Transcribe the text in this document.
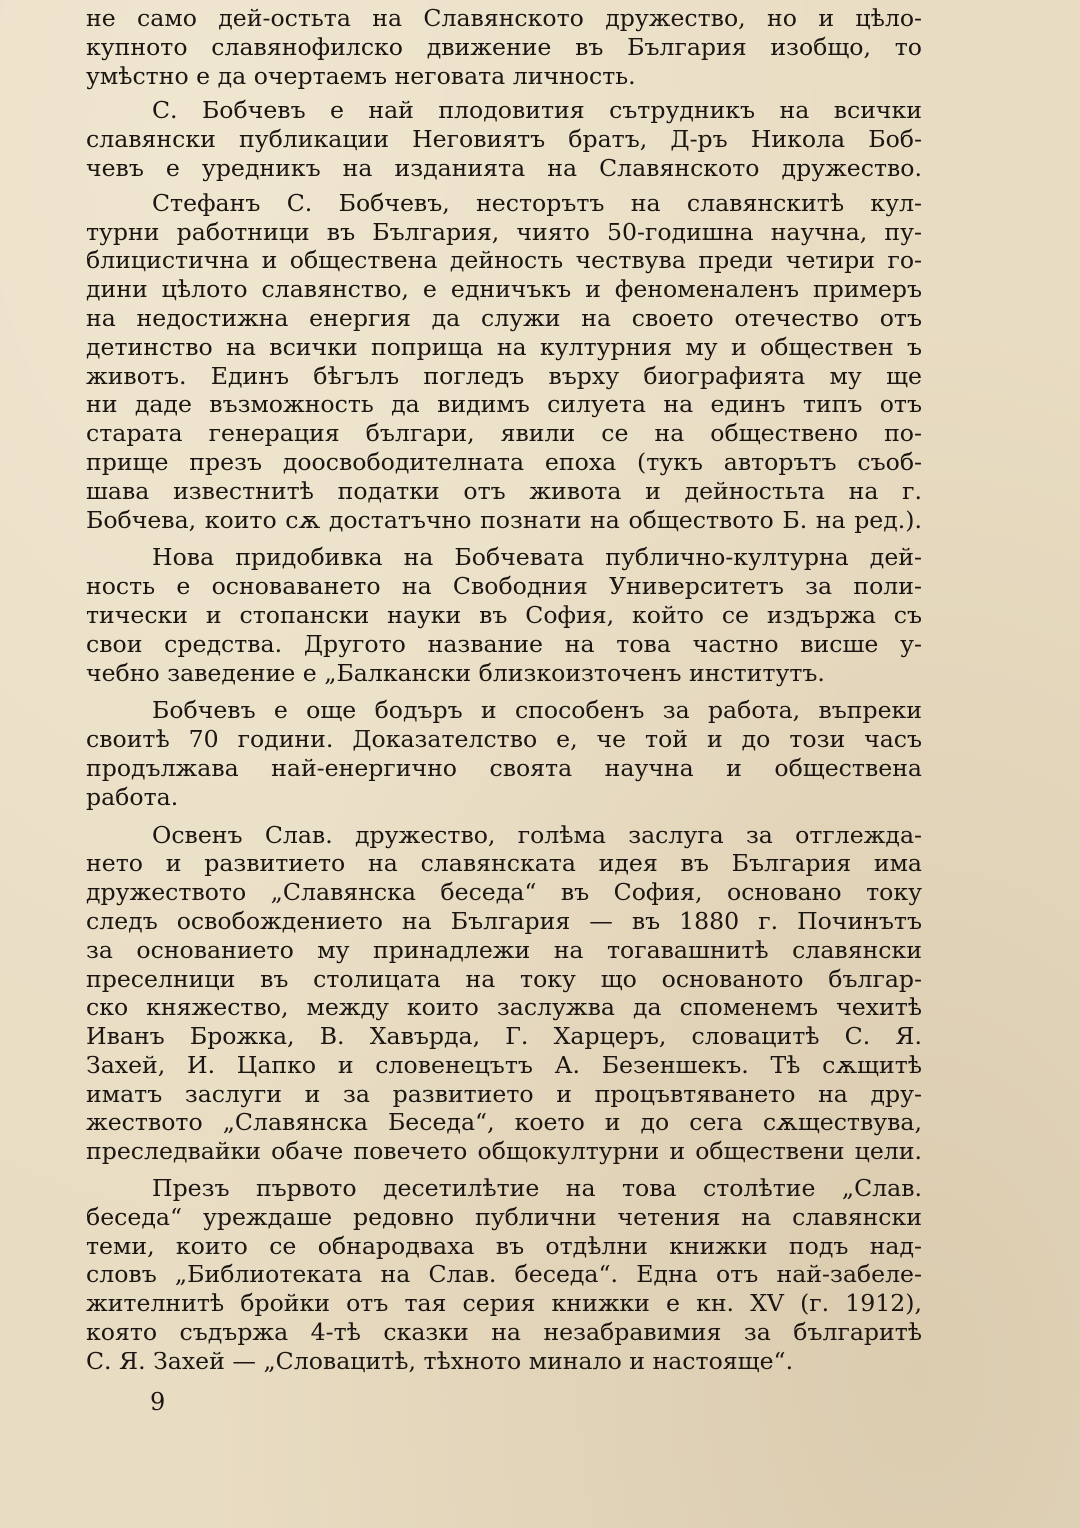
не само дей-остьта на Славянското дружество, но и цѣло-
купното славянофилско движение въ България изобщо, то
умѣстно е да очертаемъ неговата личность.

С. Бобчевъ е най плодовития сътрудникъ на всички
славянски публикации Неговиятъ братъ, Д-ръ Никола Боб-
чевъ е уредникъ на изданията на Славянското дружество.

Стефанъ С. Бобчевъ, несторътъ на славянскитѣ кул-
турни работници въ България, чиято 50-годишна научна, пу-
блицистична и обществена дейность чествува преди четири го-
дини цѣлото славянство, е едничъкъ и феноменаленъ примеръ
на недостижна енергия да служи на своето отечество отъ
детинство на всички поприща на културния му и обществен ъ
животъ. Единъ бѣгълъ погледъ върху биографията му ще
ни даде възможность да видимъ силуета на единъ типъ отъ
старата генерация българи, явили се на обществено по-
прище презъ доосвободителната епоха (тукъ авторътъ съоб-
шава известнитѣ податки отъ живота и дейностьта на г.
Бобчева, които сѫ достатъчно познати на обществото Б. на ред.).

Нова придобивка на Бобчевата публично-културна дей-
ность е основаването на Свободния Университетъ за поли-
тически и стопански науки въ София, който се издържа съ
свои средства. Другото название на това частно висше у-
чебно заведение е „Балкански близкоизточенъ институтъ.

Бобчевъ е още бодъръ и способенъ за работа, въпреки
своитѣ 70 години. Доказателство е, че той и до този часъ
продължава най-енергично своята научна и обществена
работа.

Освенъ Слав. дружество, голѣма заслуга за отглежда-
нето и развитието на славянската идея въ България има
дружеството „Славянска беседа“ въ София, основано току
следъ освобождението на България — въ 1880 г. Починътъ
за основанието му принадлежи на тогавашнитѣ славянски
преселници въ столицата на току що основаното българ-
ско княжество, между които заслужва да споменемъ чехитѣ
Иванъ Брожка, В. Хавърда, Г. Харцеръ, словацитѣ С. Я.
Захей, И. Цапко и словенецътъ А. Безеншекъ. Тѣ сѫщитѣ
иматъ заслуги и за развитието и процъвтяването на дру-
жеството „Славянска Беседа“, което и до сега сѫществува,
преследвайки обаче повечето общокултурни и обществени цели.

Презъ първото десетилѣтие на това столѣтие „Слав.
беседа“ уреждаше редовно публични четения на славянски
теми, които се обнародваха въ отдѣлни книжки подъ над-
словъ „Библиотеката на Слав. беседа“. Една отъ най-забеле-
жителнитѣ бройки отъ тая серия книжки е кн. XV (г. 1912),
която съдържа 4-тѣ сказки на незабравимия за българитѣ
С. Я. Захей — „Словацитѣ, тѣхното минало и настояще“.

9
